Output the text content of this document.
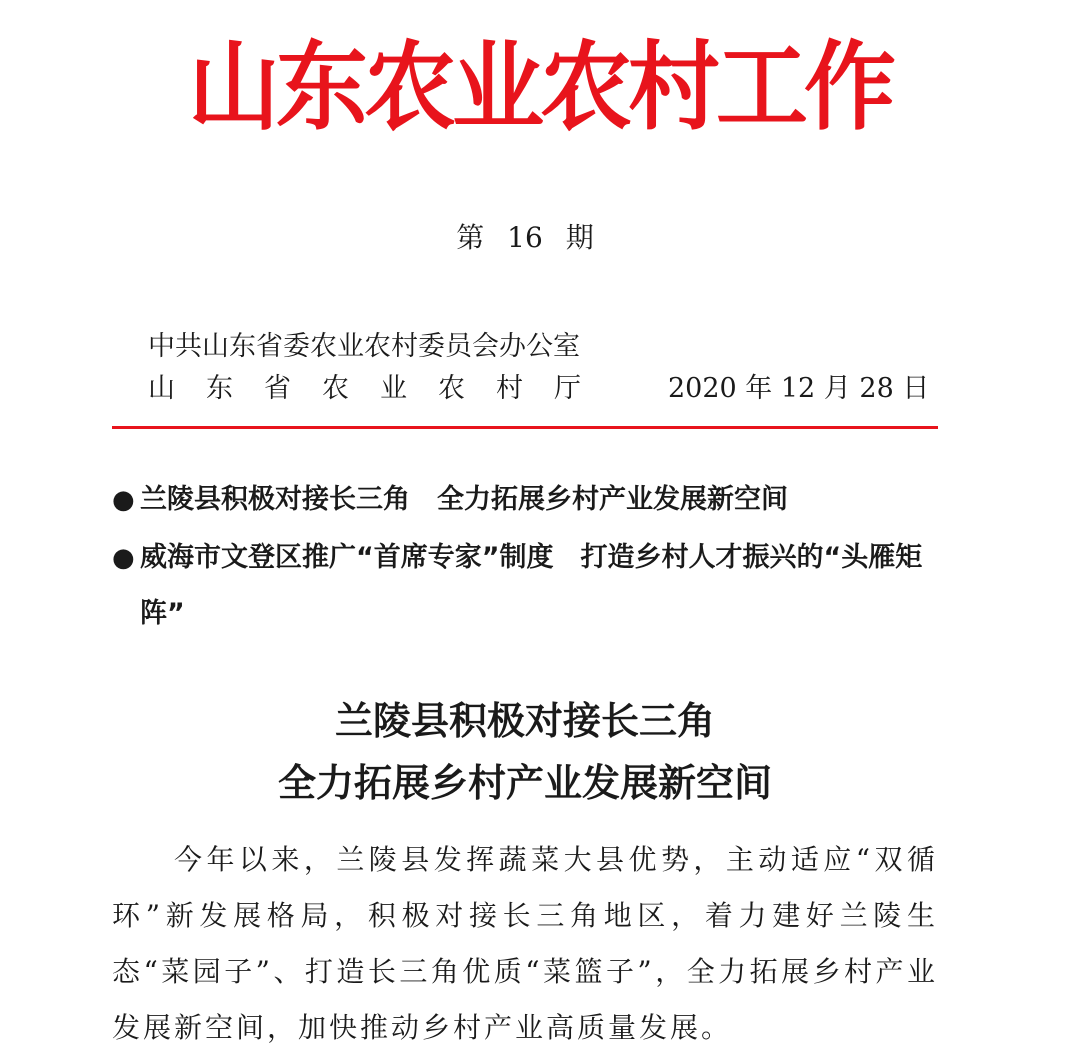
山东农业农村工作
第 16 期
中共山东省委农业农村委员会办公室
山东省农业农村厅 2020 年 12 月 28 日
● 兰陵县积极对接长三角　全力拓展乡村产业发展新空间
● 威海市文登区推广“首席专家”制度　打造乡村人才振兴的“头雁矩阵”
兰陵县积极对接长三角
全力拓展乡村产业发展新空间
今年以来，兰陵县发挥蔬菜大县优势，主动适应“双循环”新发展格局，积极对接长三角地区，着力建好兰陵生态“菜园子”、打造长三角优质“菜篮子”，全力拓展乡村产业发展新空间，加快推动乡村产业高质量发展。
